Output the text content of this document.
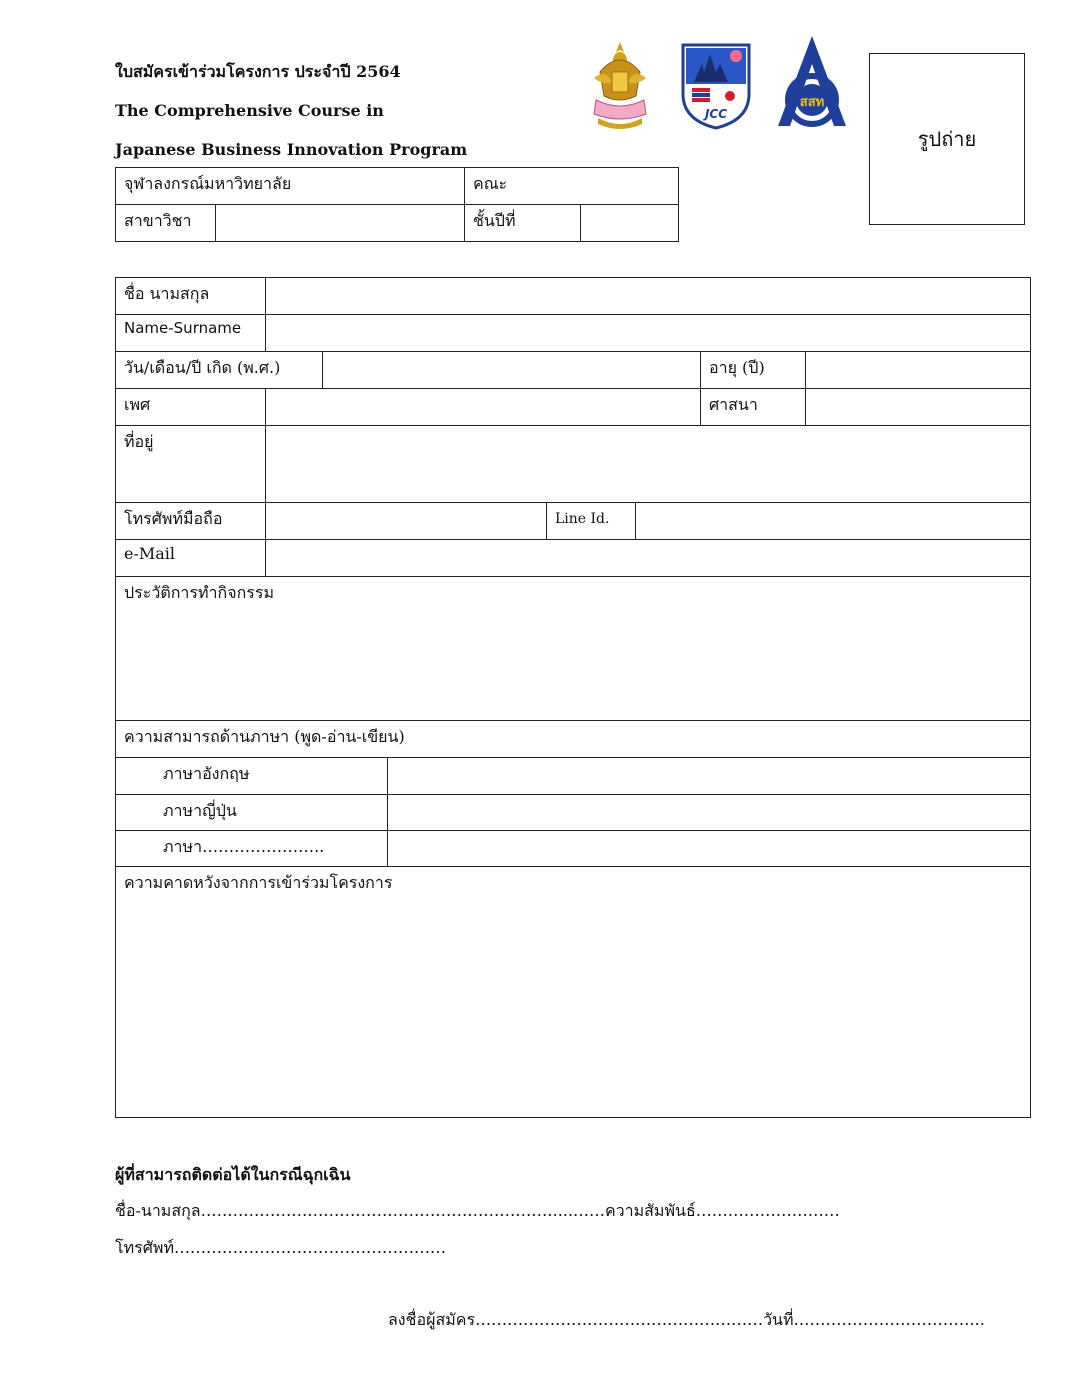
ใบสมัครเข้าร่วมโครงการ ประจำปี 2564
The Comprehensive Course in
Japanese Business Innovation Program
JCC
สสท
รูปถ่าย
จุฬาลงกรณ์มหาวิทยาลัย	คณะ
สาขาวิชา	ชั้นปีที่
ชื่อ นามสกุล
Name-Surname
วัน/เดือน/ปี เกิด (พ.ศ.)	อายุ (ปี)
เพศ	ศาสนา
ที่อยู่
โทรศัพท์มือถือ	Line Id.
e-Mail
ประวัติการทำกิจกรรม
ความสามารถด้านภาษา (พูด-อ่าน-เขียน)
ภาษาอังกฤษ
ภาษาญี่ปุ่น
ภาษา…………………..
ความคาดหวังจากการเข้าร่วมโครงการ
ผู้ที่สามารถติดต่อได้ในกรณีฉุกเฉิน
ชื่อ-นามสกุล…………………………………………………………....……ความสัมพันธ์………………………
โทรศัพท์……………………………………………
ลงชื่อผู้สมัคร………………………………………………วันที่……………………………...
